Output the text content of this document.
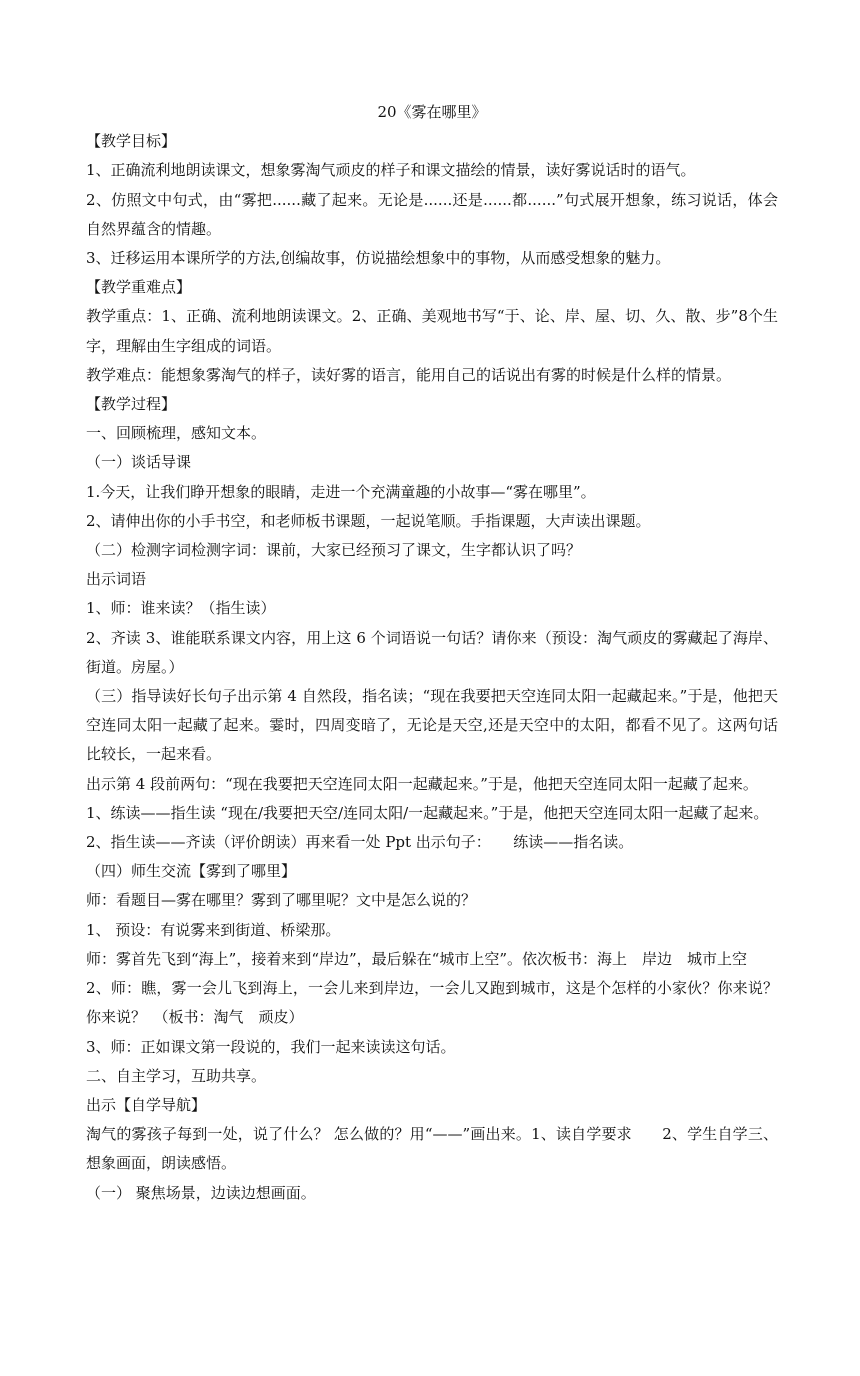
20《雾在哪里》

【教学目标】

1、正确流利地朗读课文，想象雾淘气顽皮的样子和课文描绘的情景，读好雾说话时的语气。

2、仿照文中句式，由“雾把......藏了起来。无论是......还是......都......”句式展开想象，练习说话，体会自然界蕴含的情趣。

3、迁移运用本课所学的方法,创编故事，仿说描绘想象中的事物，从而感受想象的魅力。

【教学重难点】

教学重点：1、正确、流利地朗读课文。2、正确、美观地书写“于、论、岸、屋、切、久、散、步”8个生字，理解由生字组成的词语。

教学难点：能想象雾淘气的样子，读好雾的语言，能用自己的话说出有雾的时候是什么样的情景。

【教学过程】

一、回顾梳理，感知文本。

（一）谈话导课

1.今天，让我们睁开想象的眼睛，走进一个充满童趣的小故事—“雾在哪里”。

2、请伸出你的小手书空，和老师板书课题，一起说笔顺。手指课题，大声读出课题。

（二）检测字词检测字词：课前，大家已经预习了课文，生字都认识了吗？

出示词语

1、师：谁来读？（指生读）

2、齐读 3、谁能联系课文内容，用上这 6 个词语说一句话？请你来（预设：淘气顽皮的雾藏起了海岸、街道。房屋。）

（三）指导读好长句子出示第 4 自然段，指名读；“现在我要把天空连同太阳一起藏起来。”于是，他把天空连同太阳一起藏了起来。霎时，四周变暗了，无论是天空,还是天空中的太阳，都看不见了。这两句话比较长，一起来看。

出示第 4 段前两句：“现在我要把天空连同太阳一起藏起来。”于是，他把天空连同太阳一起藏了起来。

1、练读——指生读 “现在/我要把天空/连同太阳/一起藏起来。”于是，他把天空连同太阳一起藏了起来。

2、指生读——齐读（评价朗读）再来看一处 Ppt 出示句子：　　练读——指名读。

（四）师生交流【雾到了哪里】

师：看题目—雾在哪里？雾到了哪里呢？文中是怎么说的？

1、 预设：有说雾来到街道、桥梁那。

师：雾首先飞到“海上”，接着来到“岸边”，最后躲在“城市上空”。依次板书：海上　岸边　城市上空

2、师：瞧，雾一会儿飞到海上，一会儿来到岸边，一会儿又跑到城市，这是个怎样的小家伙？你来说？你来说？　（板书：淘气　顽皮）

3、师：正如课文第一段说的，我们一起来读读这句话。

二、自主学习，互助共享。

出示【自学导航】

淘气的雾孩子每到一处，说了什么？ 怎么做的？用“——”画出来。1、读自学要求　　2、学生自学三、想象画面，朗读感悟。

（一） 聚焦场景，边读边想画面。
